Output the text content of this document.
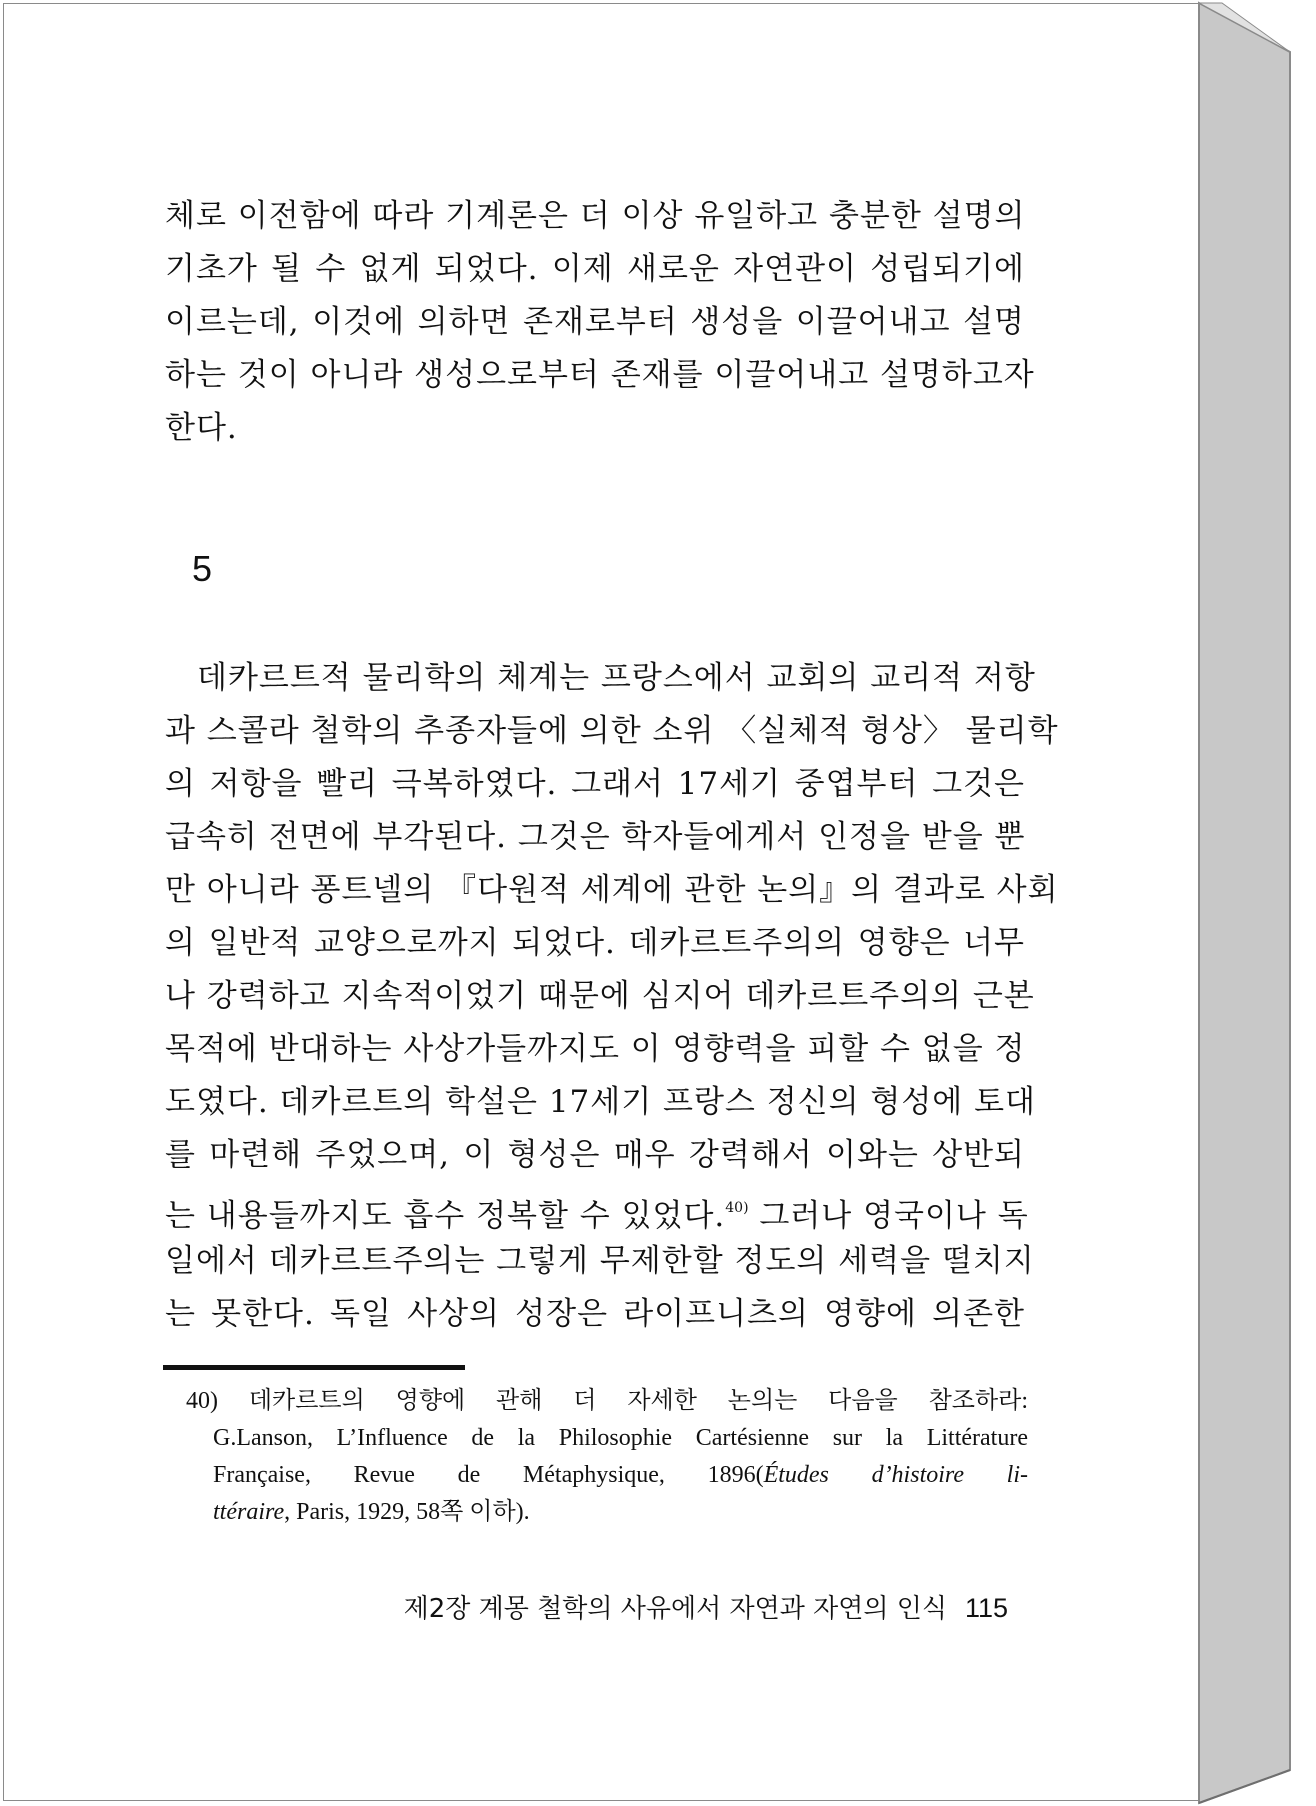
체로 이전함에 따라 기계론은 더 이상 유일하고 충분한 설명의
기초가 될 수 없게 되었다. 이제 새로운 자연관이 성립되기에
이르는데, 이것에 의하면 존재로부터 생성을 이끌어내고 설명
하는 것이 아니라 생성으로부터 존재를 이끌어내고 설명하고자
한다.
5
　데카르트적 물리학의 체계는 프랑스에서 교회의 교리적 저항
과 스콜라 철학의 추종자들에 의한 소위 〈실체적 형상〉 물리학
의 저항을 빨리 극복하였다. 그래서 17세기 중엽부터 그것은
급속히 전면에 부각된다. 그것은 학자들에게서 인정을 받을 뿐
만 아니라 퐁트넬의 『다원적 세계에 관한 논의』의 결과로 사회
의 일반적 교양으로까지 되었다. 데카르트주의의 영향은 너무
나 강력하고 지속적이었기 때문에 심지어 데카르트주의의 근본
목적에 반대하는 사상가들까지도 이 영향력을 피할 수 없을 정
도였다. 데카르트의 학설은 17세기 프랑스 정신의 형성에 토대
를 마련해 주었으며, 이 형성은 매우 강력해서 이와는 상반되
는 내용들까지도 흡수 정복할 수 있었다.$^{40)}$ 그러나 영국이나 독
일에서 데카르트주의는 그렇게 무제한할 정도의 세력을 떨치지
는 못한다. 독일 사상의 성장은 라이프니츠의 영향에 의존한
40) 데카르트의 영향에 관해 더 자세한 논의는 다음을 참조하라:
G.Lanson, L’Influence de la Philosophie Cartésienne sur la Littérature
Française, Revue de Métaphysique, 1896(Études d’histoire li-
ttéraire, Paris, 1929, 58쪽 이하).
제2장 계몽 철학의 사유에서 자연과 자연의 인식 115
